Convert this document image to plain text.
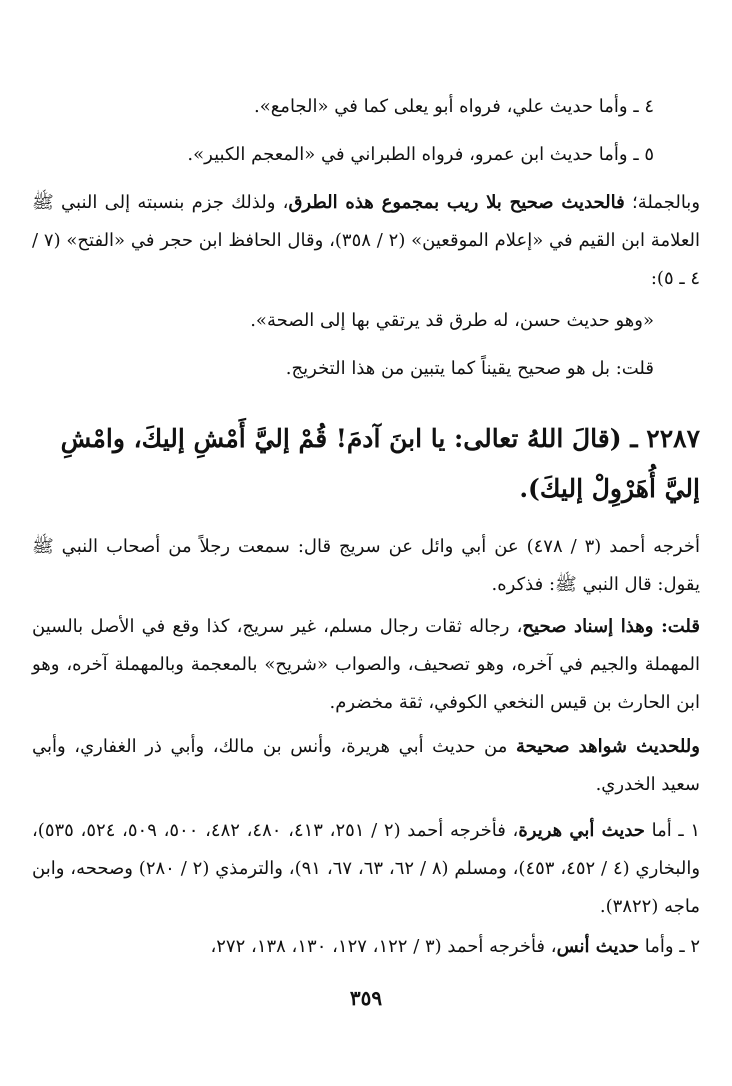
٤ ـ وأما حديث علي، فرواه أبو يعلى كما في «الجامع».

٥ ـ وأما حديث ابن عمرو، فرواه الطبراني في «المعجم الكبير».

وبالجملة؛ فالحديث صحيح بلا ريب بمجموع هذه الطرق، ولذلك جزم بنسبته إلى النبي ﷺ العلامة ابن القيم في «إعلام الموقعين» (٢ / ٣٥٨)، وقال الحافظ ابن حجر في «الفتح» (٧ / ٤ ـ ٥):

«وهو حديث حسن، له طرق قد يرتقي بها إلى الصحة».

قلت: بل هو صحيح يقيناً كما يتبين من هذا التخريج.

٢٢٨٧ ـ (قالَ اللهُ تعالى: يا ابنَ آدمَ! قُمْ إليَّ أَمْشِ إليكَ، وامْشِ إليَّ أُهَرْوِلْ إليكَ).

أخرجه أحمد (٣ / ٤٧٨) عن أبي وائل عن سريج قال: سمعت رجلاً من أصحاب النبي ﷺ يقول: قال النبي ﷺ: فذكره.

قلت: وهذا إسناد صحيح، رجاله ثقات رجال مسلم، غير سريج، كذا وقع في الأصل بالسين المهملة والجيم في آخره، وهو تصحيف، والصواب «شريح» بالمعجمة وبالمهملة آخره، وهو ابن الحارث بن قيس النخعي الكوفي، ثقة مخضرم.

وللحديث شواهد صحيحة من حديث أبي هريرة، وأنس بن مالك، وأبي ذر الغفاري، وأبي سعيد الخدري.

١ ـ أما حديث أبي هريرة، فأخرجه أحمد (٢ / ٢٥١، ٤١٣، ٤٨٠، ٤٨٢، ٥٠٠، ٥٠٩، ٥٢٤، ٥٣٥)، والبخاري (٤ / ٤٥٢، ٤٥٣)، ومسلم (٨ / ٦٢، ٦٣، ٦٧، ٩١)، والترمذي (٢ / ٢٨٠) وصححه، وابن ماجه (٣٨٢٢).

٢ ـ وأما حديث أنس، فأخرجه أحمد (٣ / ١٢٢، ١٢٧، ١٣٠، ١٣٨، ٢٧٢،

٣٥٩
